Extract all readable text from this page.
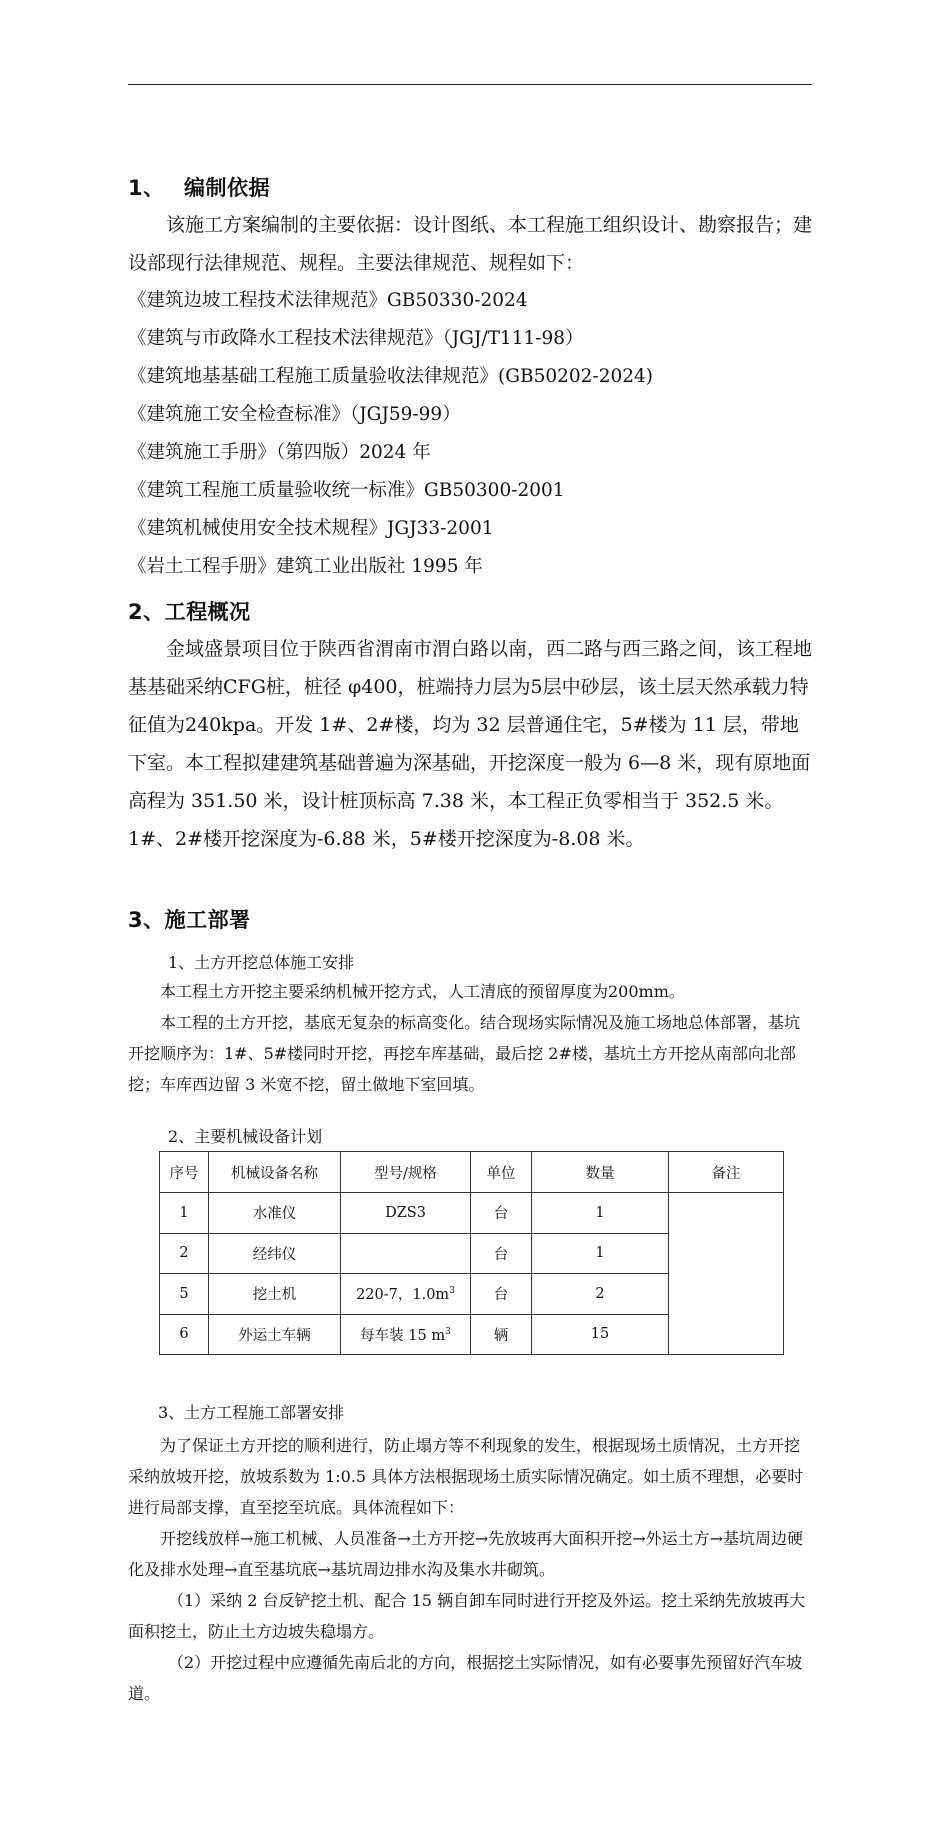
1、 编制依据
该施工方案编制的主要依据：设计图纸、本工程施工组织设计、勘察报告；建设部现行法律规范、规程。主要法律规范、规程如下：
《建筑边坡工程技术法律规范》GB50330-2024
《建筑与市政降水工程技术法律规范》（JGJ/T111-98）
《建筑地基基础工程施工质量验收法律规范》(GB50202-2024)
《建筑施工安全检查标准》（JGJ59-99）
《建筑施工手册》（第四版）2024 年
《建筑工程施工质量验收统一标准》GB50300-2001
《建筑机械使用安全技术规程》JGJ33-2001
《岩土工程手册》建筑工业出版社 1995 年
2、工程概况
金域盛景项目位于陕西省渭南市渭白路以南，西二路与西三路之间，该工程地基基础采纳CFG桩，桩径 φ400，桩端持力层为5层中砂层，该土层天然承载力特征值为240kpa。开发 1#、2#楼，均为 32 层普通住宅，5#楼为 11 层，带地下室。本工程拟建建筑基础普遍为深基础，开挖深度一般为 6—8 米，现有原地面高程为 351.50 米，设计桩顶标高 7.38 米，本工程正负零相当于 352.5 米。1#、2#楼开挖深度为-6.88 米，5#楼开挖深度为-8.08 米。
3、施工部署
1、土方开挖总体施工安排
本工程土方开挖主要采纳机械开挖方式，人工清底的预留厚度为200mm。
本工程的土方开挖，基底无复杂的标高变化。结合现场实际情况及施工场地总体部署，基坑开挖顺序为：1#、5#楼同时开挖，再挖车库基础，最后挖 2#楼，基坑土方开挖从南部向北部挖；车库西边留 3 米宽不挖，留土做地下室回填。
2、主要机械设备计划
序号	机械设备名称	型号/规格	单位	数量	备注
1	水准仪	DZS3	台	1	
2	经纬仪		台	1	
5	挖土机	220-7，$1.0m^3$	台	2	
6	外运土车辆	每车装 15 $m^3$	辆	15	
3、土方工程施工部署安排
为了保证土方开挖的顺利进行，防止塌方等不利现象的发生，根据现场土质情况，土方开挖采纳放坡开挖，放坡系数为 1:0.5 具体方法根据现场土质实际情况确定。如土质不理想，必要时进行局部支撑，直至挖至坑底。具体流程如下：
开挖线放样→施工机械、人员准备→土方开挖→先放坡再大面积开挖→外运土方→基坑周边硬化及排水处理→直至基坑底→基坑周边排水沟及集水井砌筑。
（1）采纳 2 台反铲挖土机、配合 15 辆自卸车同时进行开挖及外运。挖土采纳先放坡再大面积挖土，防止土方边坡失稳塌方。
（2）开挖过程中应遵循先南后北的方向，根据挖土实际情况，如有必要事先预留好汽车坡道。
